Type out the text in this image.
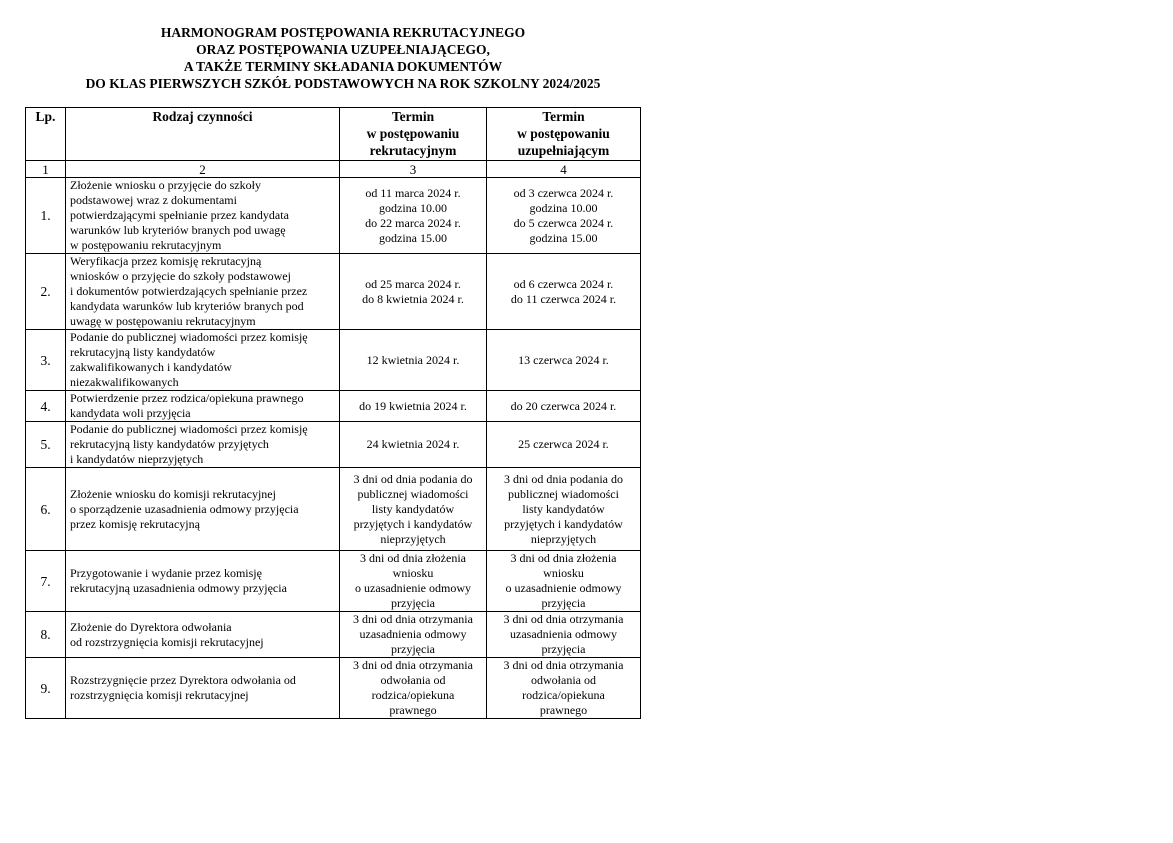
HARMONOGRAM POSTĘPOWANIA REKRUTACYJNEGO
ORAZ POSTĘPOWANIA UZUPEŁNIAJĄCEGO,
A TAKŻE TERMINY SKŁADANIA DOKUMENTÓW
DO KLAS PIERWSZYCH SZKÓŁ PODSTAWOWYCH NA ROK SZKOLNY 2024/2025
Lp.	Rodzaj czynności	Termin
w postępowaniu
rekrutacyjnym	Termin
w postępowaniu
uzupełniającym

1	2	3	4
1.	Złożenie wniosku o przyjęcie do szkoły
podstawowej wraz z dokumentami
potwierdzającymi spełnianie przez kandydata
warunków lub kryteriów branych pod uwagę
w postępowaniu rekrutacyjnym	od 11 marca 2024 r.
godzina 10.00
do 22 marca 2024 r.
godzina 15.00	od 3 czerwca 2024 r.
godzina 10.00
do 5 czerwca 2024 r.
godzina 15.00

2.	Weryfikacja przez komisję rekrutacyjną
wniosków o przyjęcie do szkoły podstawowej
i dokumentów potwierdzających spełnianie przez
kandydata warunków lub kryteriów branych pod
uwagę w postępowaniu rekrutacyjnym	od 25 marca 2024 r.
do 8 kwietnia 2024 r.	od 6 czerwca 2024 r.
do 11 czerwca 2024 r.

3.	Podanie do publicznej wiadomości przez komisję
rekrutacyjną listy kandydatów
zakwalifikowanych i kandydatów
niezakwalifikowanych	12 kwietnia 2024 r.	13 czerwca 2024 r.

4.	Potwierdzenie przez rodzica/opiekuna prawnego
kandydata woli przyjęcia	do 19 kwietnia 2024 r.	do 20 czerwca 2024 r.

5.	Podanie do publicznej wiadomości przez komisję
rekrutacyjną listy kandydatów przyjętych
i kandydatów nieprzyjętych	24 kwietnia 2024 r.	25 czerwca 2024 r.

6.	Złożenie wniosku do komisji rekrutacyjnej
o sporządzenie uzasadnienia odmowy przyjęcia
przez komisję rekrutacyjną	3 dni od dnia podania do
publicznej wiadomości
listy kandydatów
przyjętych i kandydatów
nieprzyjętych	3 dni od dnia podania do
publicznej wiadomości
listy kandydatów
przyjętych i kandydatów
nieprzyjętych

7.	Przygotowanie i wydanie przez komisję
rekrutacyjną uzasadnienia odmowy przyjęcia	3 dni od dnia złożenia
wniosku
o uzasadnienie odmowy
przyjęcia	3 dni od dnia złożenia
wniosku
o uzasadnienie odmowy
przyjęcia

8.	Złożenie do Dyrektora odwołania
od rozstrzygnięcia komisji rekrutacyjnej	3 dni od dnia otrzymania
uzasadnienia odmowy
przyjęcia	3 dni od dnia otrzymania
uzasadnienia odmowy
przyjęcia

9.	Rozstrzygnięcie przez Dyrektora odwołania od
rozstrzygnięcia komisji rekrutacyjnej	3 dni od dnia otrzymania
odwołania od
rodzica/opiekuna
prawnego	3 dni od dnia otrzymania
odwołania od
rodzica/opiekuna
prawnego
